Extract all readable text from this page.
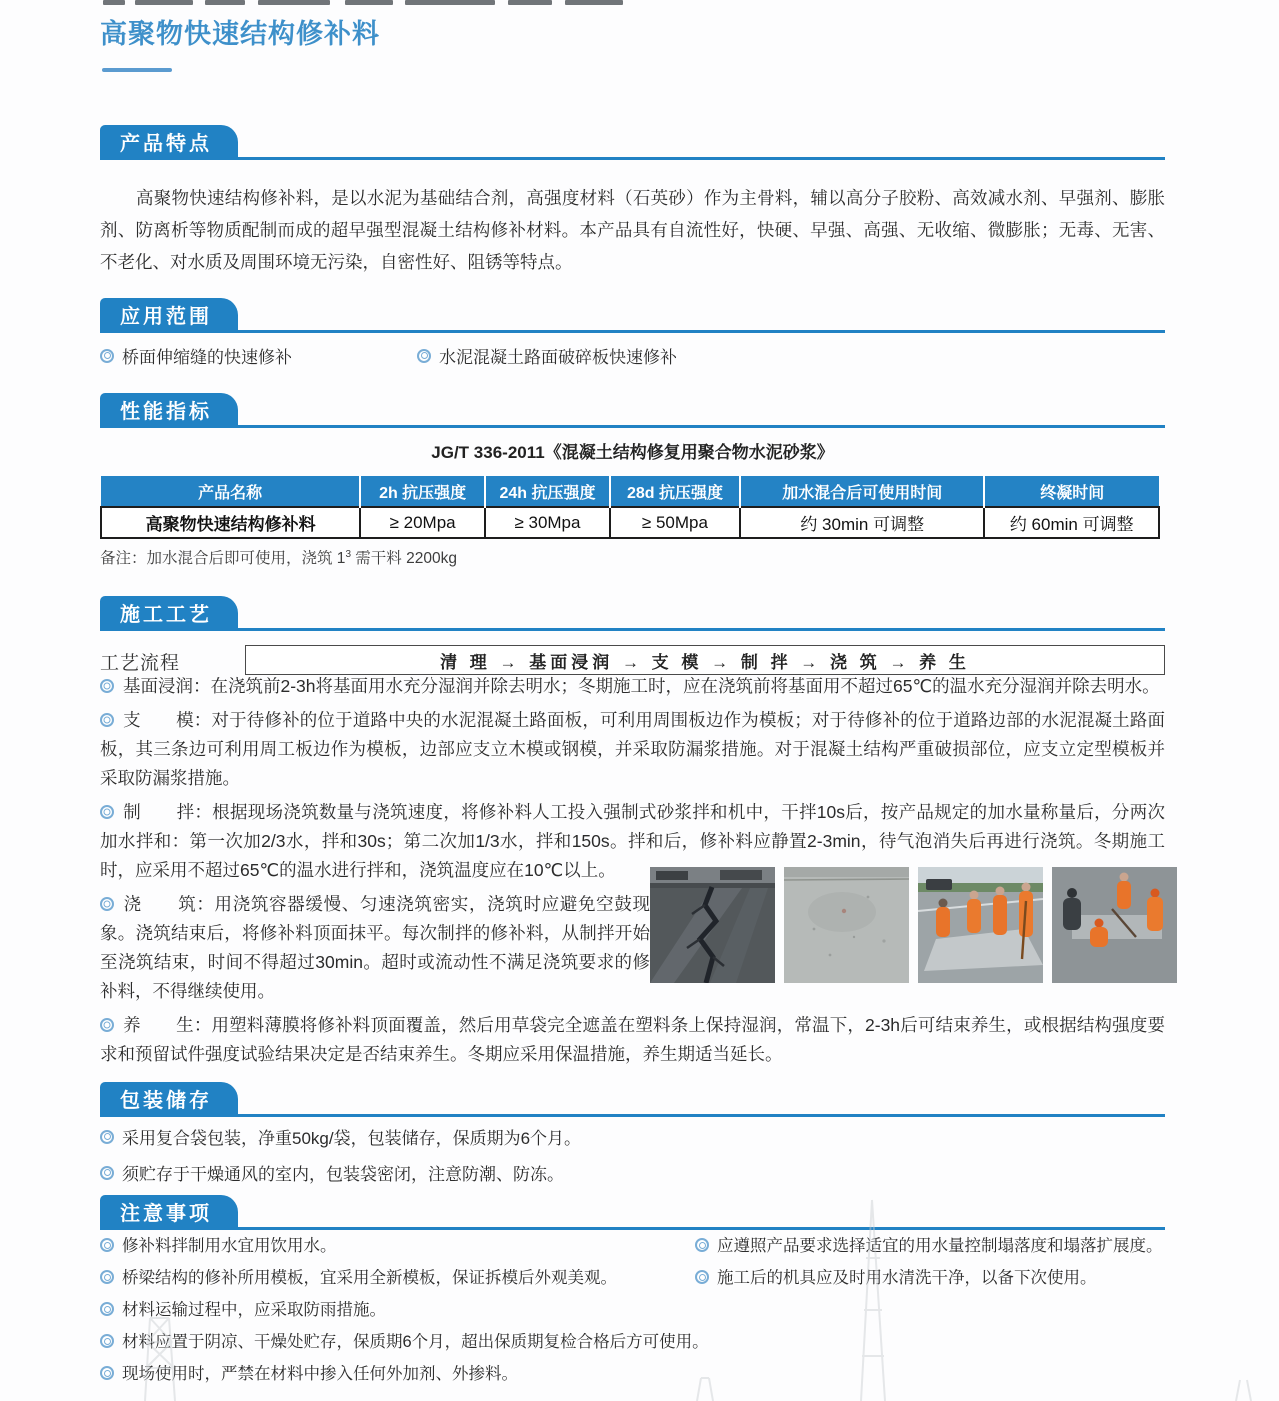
高聚物快速结构修补料
产品特点

高聚物快速结构修补料，是以水泥为基础结合剂，高强度材料（石英砂）作为主骨料，辅以高分子胶粉、高效减水剂、早强剂、膨胀剂、防离析等物质配制而成的超早强型混凝土结构修补材料。本产品具有自流性好，快硬、早强、高强、无收缩、微膨胀；无毒、无害、不老化、对水质及周围环境无污染，自密性好、阻锈等特点。

应用范围
桥面伸缩缝的快速修补	水泥混凝土路面破碎板快速修补
性能指标
JG/T 336-2011《混凝土结构修复用聚合物水泥砂浆》
产品名称	2h 抗压强度	24h 抗压强度	28d 抗压强度	加水混合后可使用时间	终凝时间
高聚物快速结构修补料	≥ 20Mpa	≥ 30Mpa	≥ 50Mpa	约 30min 可调整	约 60min 可调整
备注：加水混合后即可使用，浇筑 $1^3$ 需干料 2200kg
施工工艺
工艺流程	清 理 → 基面浸润 → 支 模 → 制 拌 → 浇 筑 → 养 生

基面浸润：在浇筑前2-3h将基面用水充分湿润并除去明水；冬期施工时，应在浇筑前将基面用不超过65℃的温水充分湿润并除去明水。

支　　模：对于待修补的位于道路中央的水泥混凝土路面板，可利用周围板边作为模板；对于待修补的位于道路边部的水泥混凝土路面板，其三条边可利用周工板边作为模板，边部应支立木模或钢模，并采取防漏浆措施。对于混凝土结构严重破损部位，应支立定型模板并采取防漏浆措施。

制　　拌：根据现场浇筑数量与浇筑速度，将修补料人工投入强制式砂浆拌和机中，干拌10s后，按产品规定的加水量称量后，分两次加水拌和：第一次加2/3水，拌和30s；第二次加1/3水，拌和150s。拌和后，修补料应静置2-3min，待气泡消失后再进行浇筑。冬期施工时，应采用不超过65℃的温水进行拌和，浇筑温度应在10℃以上。

浇　　筑：用浇筑容器缓慢、匀速浇筑密实，浇筑时应避免空鼓现象。浇筑结束后，将修补料顶面抹平。每次制拌的修补料，从制拌开始至浇筑结束，时间不得超过30min。超时或流动性不满足浇筑要求的修补料，不得继续使用。

养　　生：用塑料薄膜将修补料顶面覆盖，然后用草袋完全遮盖在塑料条上保持湿润，常温下，2-3h后可结束养生，或根据结构强度要求和预留试件强度试验结果决定是否结束养生。冬期应采用保温措施，养生期适当延长。

包装储存
采用复合袋包装，净重50kg/袋，包装储存，保质期为6个月。
须贮存于干燥通风的室内，包装袋密闭，注意防潮、防冻。
注意事项
修补料拌制用水宜用饮用水。
桥梁结构的修补所用模板，宜采用全新模板，保证拆模后外观美观。
材料运输过程中，应采取防雨措施。
材料应置于阴凉、干燥处贮存，保质期6个月，超出保质期复检合格后方可使用。
现场使用时，严禁在材料中掺入任何外加剂、外掺料。
应遵照产品要求选择适宜的用水量控制塌落度和塌落扩展度。
施工后的机具应及时用水清洗干净，以备下次使用。
